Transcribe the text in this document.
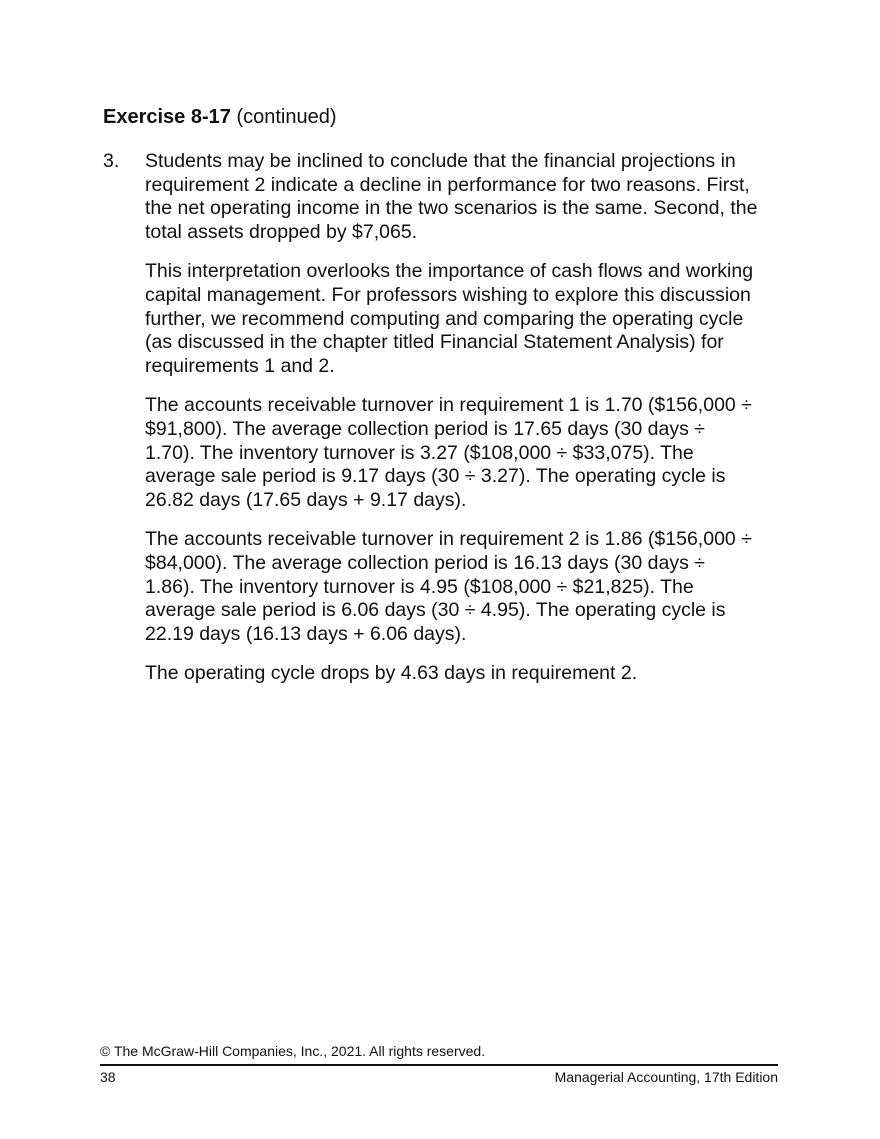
Exercise 8-17 (continued)
3. Students may be inclined to conclude that the financial projections in
requirement 2 indicate a decline in performance for two reasons. First,
the net operating income in the two scenarios is the same. Second, the
total assets dropped by $7,065.

This interpretation overlooks the importance of cash flows and working
capital management. For professors wishing to explore this discussion
further, we recommend computing and comparing the operating cycle
(as discussed in the chapter titled Financial Statement Analysis) for
requirements 1 and 2.

The accounts receivable turnover in requirement 1 is 1.70 ($156,000 ÷
$91,800). The average collection period is 17.65 days (30 days ÷
1.70). The inventory turnover is 3.27 ($108,000 ÷ $33,075). The
average sale period is 9.17 days (30 ÷ 3.27). The operating cycle is
26.82 days (17.65 days + 9.17 days).

The accounts receivable turnover in requirement 2 is 1.86 ($156,000 ÷
$84,000). The average collection period is 16.13 days (30 days ÷
1.86). The inventory turnover is 4.95 ($108,000 ÷ $21,825). The
average sale period is 6.06 days (30 ÷ 4.95). The operating cycle is
22.19 days (16.13 days + 6.06 days).

The operating cycle drops by 4.63 days in requirement 2.

© The McGraw-Hill Companies, Inc., 2021. All rights reserved.
38	Managerial Accounting, 17th Edition
